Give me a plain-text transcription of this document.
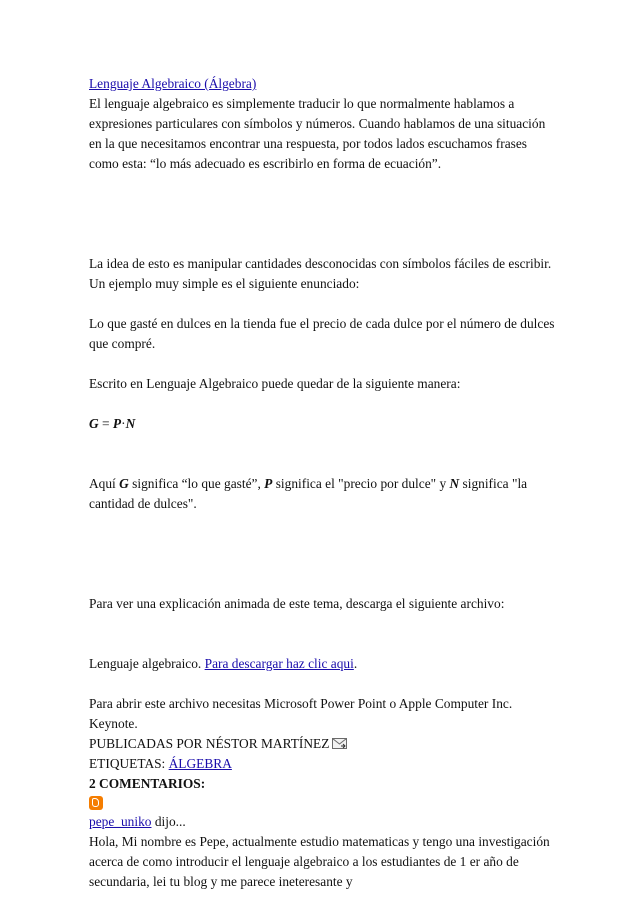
Lenguaje Algebraico (Álgebra)

El lenguaje algebraico es simplemente traducir lo que normalmente hablamos a expresiones particulares con símbolos y números. Cuando hablamos de una situación en la que necesitamos encontrar una respuesta, por todos lados escuchamos frases como esta: “lo más adecuado es escribirlo en forma de ecuación”.

La idea de esto es manipular cantidades desconocidas con símbolos fáciles de escribir. Un ejemplo muy simple es el siguiente enunciado:

Lo que gasté en dulces en la tienda fue el precio de cada dulce por el número de dulces que compré.

Escrito en Lenguaje Algebraico puede quedar de la siguiente manera:

G = P·N

Aquí G significa “lo que gasté”, P significa el "precio por dulce" y N significa "la cantidad de dulces".

Para ver una explicación animada de este tema, descarga el siguiente archivo:

Lenguaje algebraico. Para descargar haz clic aqui.

Para abrir este archivo necesitas Microsoft Power Point o Apple Computer Inc. Keynote.

PUBLICADAS POR NÉSTOR MARTÍNEZ

ETIQUETAS: ÁLGEBRA

2 COMENTARIOS:

pepe_uniko dijo...

Hola, Mi nombre es Pepe, actualmente estudio matematicas y tengo una investigación acerca de como introducir el lenguaje algebraico a los estudiantes de 1 er año de secundaria, lei tu blog y me parece ineteresante y
